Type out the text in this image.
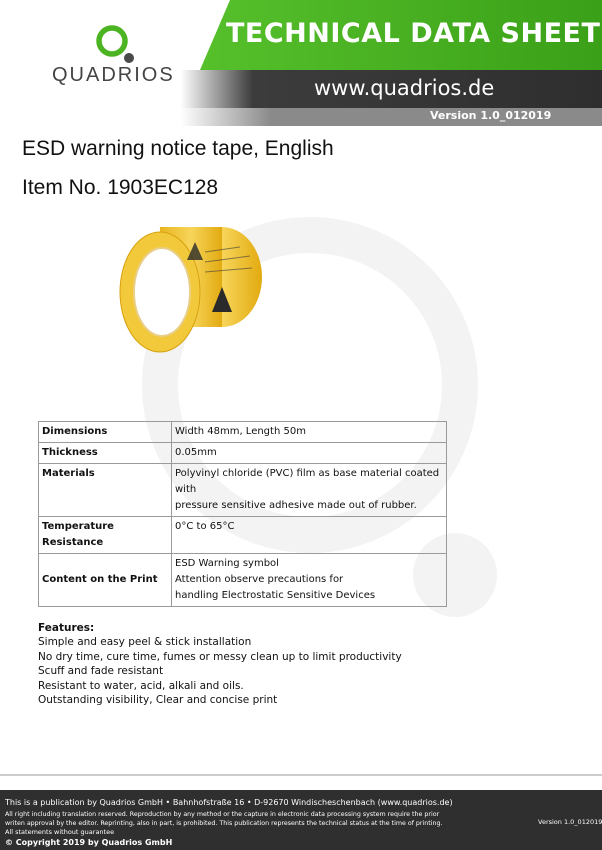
TECHNICAL DATA SHEET
www.quadrios.de
Version 1.0_012019
QUADRIOS
ESD warning notice tape, English
Item No. 1903EC128
Dimensions	Width 48mm, Length 50m
Thickness	0.05mm
Materials	Polyvinyl chloride (PVC) film as base material coated with
pressure sensitive adhesive made out of rubber.

Temperature Resistance	0°C to 65°C
Content on the Print	ESD Warning symbol
Attention observe precautions for
handling Electrostatic Sensitive Devices
Features:
Simple and easy peel & stick installation
No dry time, cure time, fumes or messy clean up to limit productivity
Scuff and fade resistant
Resistant to water, acid, alkali and oils.
Outstanding visibility, Clear and concise print
This is a publication by Quadrios GmbH • Bahnhofstraße 16 • D-92670 Windischeschenbach (www.quadrios.de)
All right including translation reserved. Reproduction by any method or the capture in electronic data processing system require the prior writen approval by the editor. Reprinting, also in part, is prohibited. This publication represents the technical status at the time of printing.
All statements without guarantee
© Copyright 2019 by Quadrios GmbH
Version 1.0_012019
